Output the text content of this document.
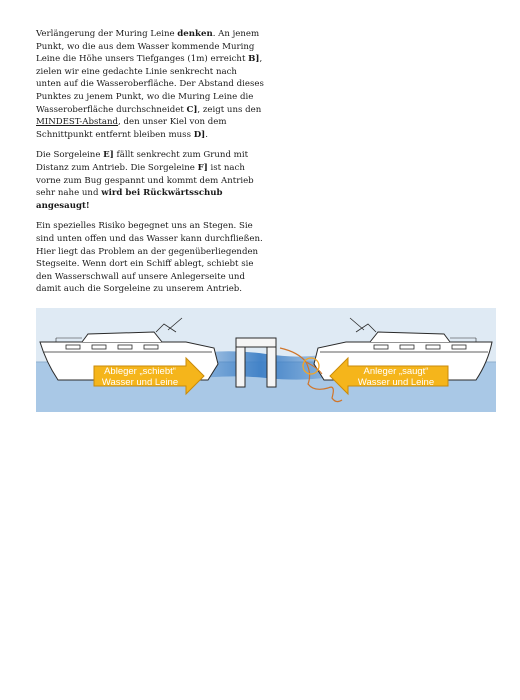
Verlängerung der Muring Leine denken. An jenem Punkt, wo die aus dem Wasser kommende Muring Leine die Höhe unsers Tiefganges (1m) erreicht B], zielen wir eine gedachte Linie senkrecht nach unten auf die Wasseroberfläche. Der Abstand dieses Punktes zu jenem Punkt, wo die Muring Leine die Wasseroberfläche durchschneidet C], zeigt uns den MINDEST-Abstand, den unser Kiel von dem Schnittpunkt entfernt bleiben muss D].

Die Sorgeleine E] fällt senkrecht zum Grund mit Distanz zum Antrieb. Die Sorgeleine F] ist nach vorne zum Bug gespannt und kommt dem Antrieb sehr nahe und wird bei Rückwärtsschub angesaugt!

Ein spezielles Risiko begegnet uns an Stegen. Sie sind unten offen und das Wasser kann durchfließen. Hier liegt das Problem an der gegenüberliegenden Stegseite. Wenn dort ein Schiff ablegt, schiebt sie den Wasserschwall auf unsere Anlegerseite und damit auch die Sorgeleine zu unserem Antrieb.

Ableger „schiebt“
Wasser und Leine
Anleger „saugt“
Wasser und Leine
